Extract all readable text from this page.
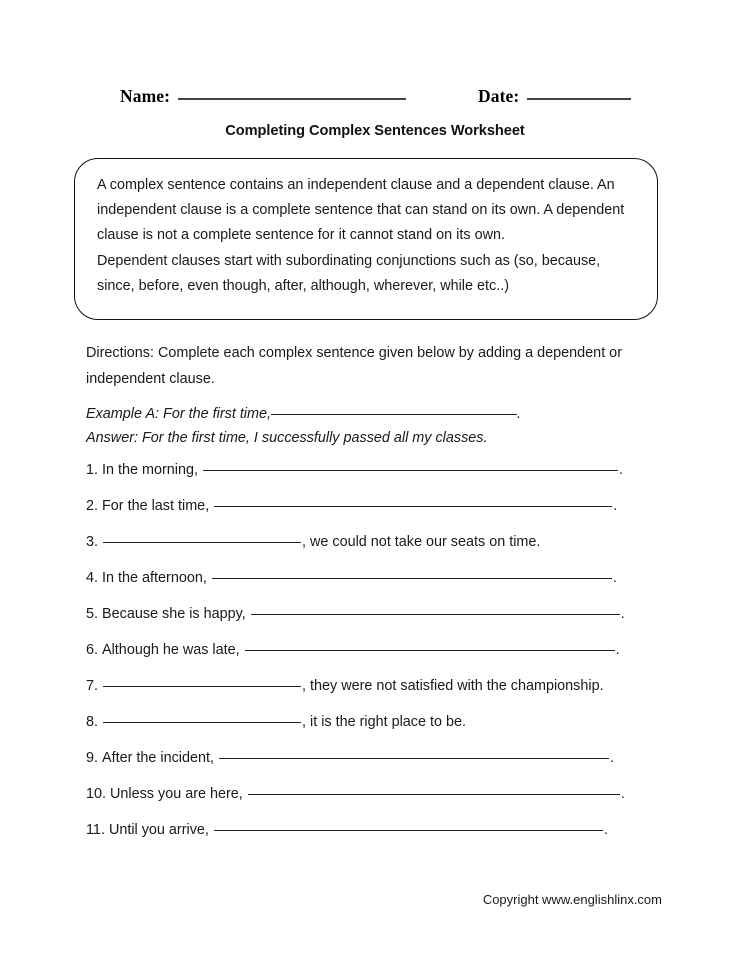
Name:	Date:
Completing Complex Sentences Worksheet

A complex sentence contains an independent clause and a dependent clause. An independent clause is a complete sentence that can stand on its own. A dependent clause is not a complete sentence for it cannot stand on its own.

Dependent clauses start with subordinating conjunctions such as (so, because, since, before, even though, after, although, wherever, while etc..)

Directions: Complete each complex sentence given below by adding a dependent or independent clause.
Example A: For the first time,	.
Answer: For the first time, I successfully passed all my classes.
1. In the morning,	.
2. For the last time,	.
3.	, we could not take our seats on time.
4. In the afternoon,	.
5. Because she is happy,	.
6. Although he was late,	.
7.	, they were not satisfied with the championship.
8.	, it is the right place to be.
9. After the incident,	.
10. Unless you are here,	.
11. Until you arrive,	.
Copyright www.englishlinx.com
